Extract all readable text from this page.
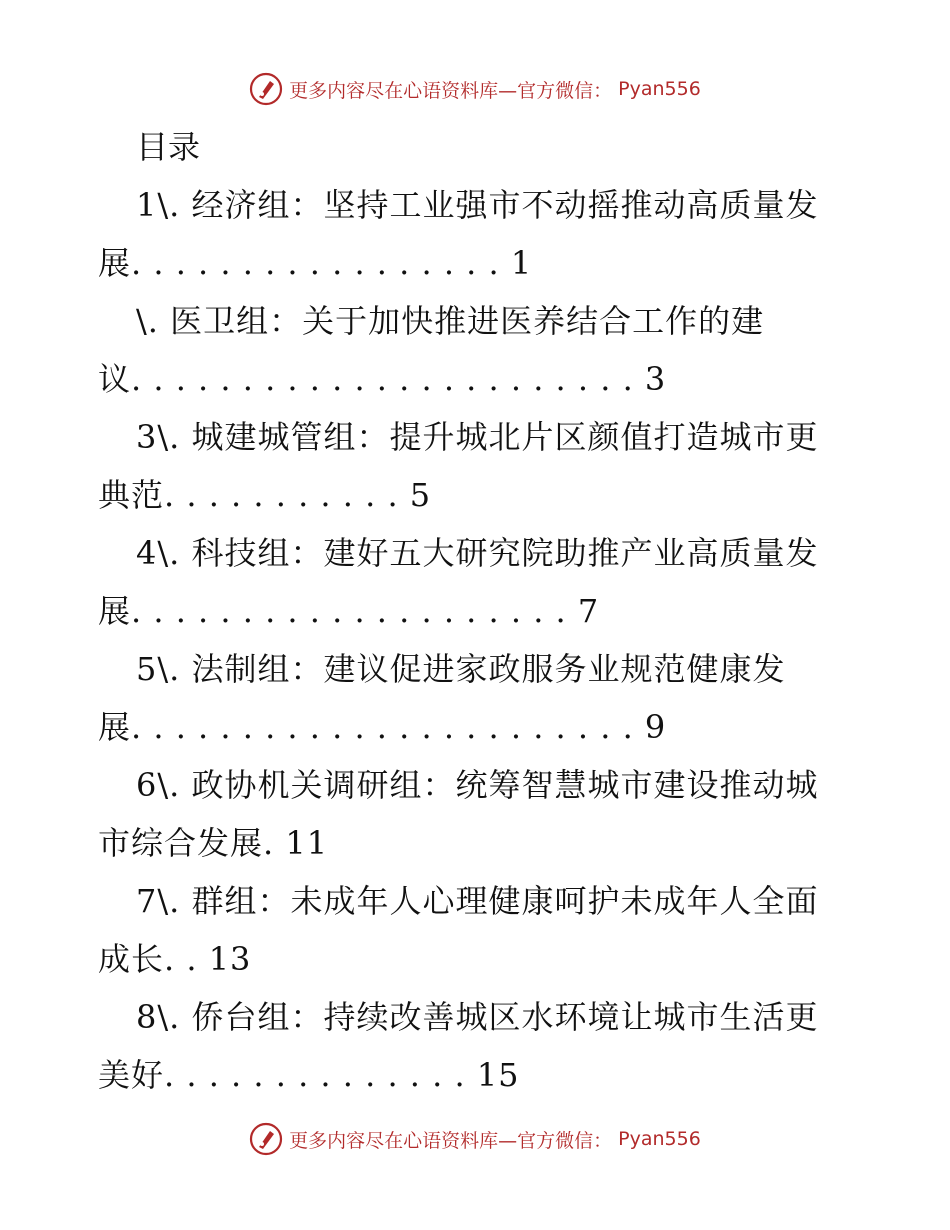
更多内容尽在心语资料库—官方微信： Pyan556
目录
1\. 经济组：坚持工业强市不动摇推动高质量发
展. . . . . . . . . . . . . . . . . 1
\. 医卫组：关于加快推进医养结合工作的建
议. . . . . . . . . . . . . . . . . . . . . . . 3
3\. 城建城管组：提升城北片区颜值打造城市更
典范. . . . . . . . . . . 5
4\. 科技组：建好五大研究院助推产业高质量发
展. . . . . . . . . . . . . . . . . . . . 7
5\. 法制组：建议促进家政服务业规范健康发
展. . . . . . . . . . . . . . . . . . . . . . . 9
6\. 政协机关调研组：统筹智慧城市建设推动城
市综合发展. 11
7\. 群组：未成年人心理健康呵护未成年人全面
成长. . 13
8\. 侨台组：持续改善城区水环境让城市生活更
美好. . . . . . . . . . . . . . 15
更多内容尽在心语资料库—官方微信： Pyan556
